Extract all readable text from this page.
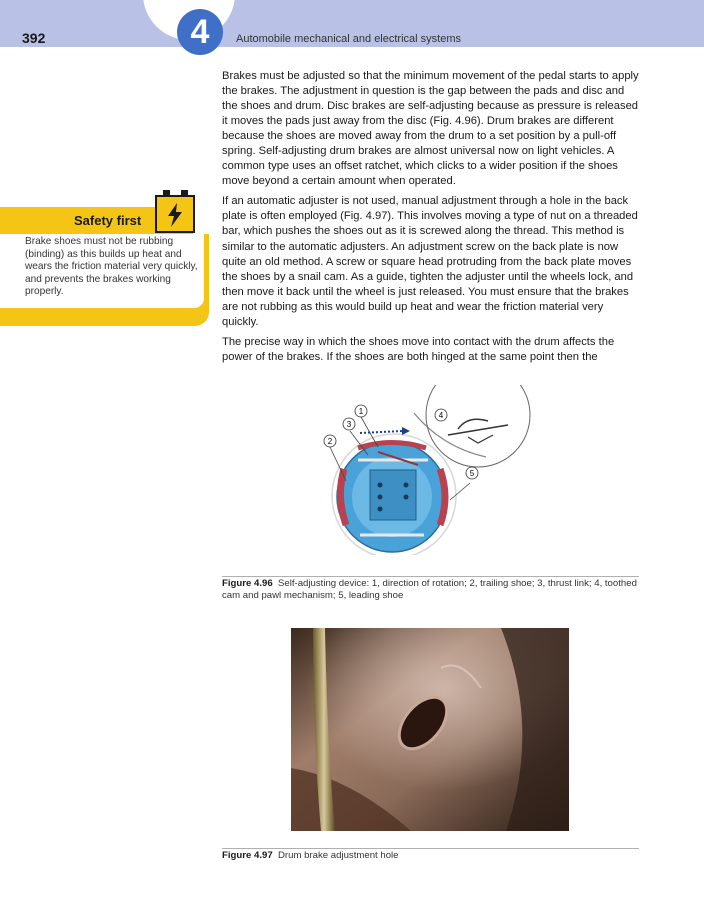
4
392	Automobile mechanical and electrical systems

Brakes must be adjusted so that the minimum movement of the pedal starts to apply the brakes. The adjustment in question is the gap between the pads and disc and the shoes and drum. Disc brakes are self-adjusting because as pressure is released it moves the pads just away from the disc (Fig. 4.96). Drum brakes are different because the shoes are moved away from the drum to a set position by a pull-off spring. Self-adjusting drum brakes are almost universal now on light vehicles. A common type uses an offset ratchet, which clicks to a wider position if the shoes move beyond a certain amount when operated.

If an automatic adjuster is not used, manual adjustment through a hole in the back plate is often employed (Fig. 4.97). This involves moving a type of nut on a threaded bar, which pushes the shoes out as it is screwed along the thread. This method is similar to the automatic adjusters. An adjustment screw on the back plate is now quite an old method. A screw or square head protruding from the back plate moves the shoes by a snail cam. As a guide, tighten the adjuster until the wheels lock, and then move it back until the wheel is just released. You must ensure that the brakes are not rubbing as this would build up heat and wear the friction material very quickly.

The precise way in which the shoes move into contact with the drum affects the power of the brakes. If the shoes are both hinged at the same point then the

Safety first
Brake shoes must not be rubbing (binding) as this builds up heat and wears the friction material very quickly, and prevents the brakes working properly.
1
2
3
4
5
Figure 4.96 Self-adjusting device: 1, direction of rotation; 2, trailing shoe; 3, thrust link; 4, toothed cam and pawl mechanism; 5, leading shoe
Figure 4.97 Drum brake adjustment hole
